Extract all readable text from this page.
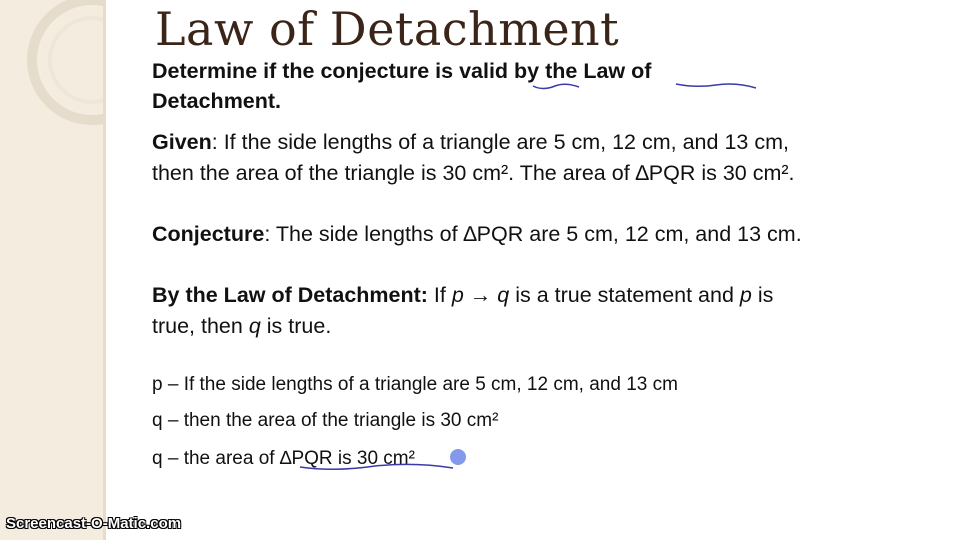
Law of Detachment
Determine if the conjecture is valid by the Law of
Detachment.
Given: If the side lengths of a triangle are 5 cm, 12 cm, and 13 cm,
then the area of the triangle is 30 cm². The area of ∆PQR is 30 cm².
Conjecture: The side lengths of ∆PQR are 5 cm, 12 cm, and 13 cm.
By the Law of Detachment: If p → q is a true statement and p is
true, then q is true.
p – If the side lengths of a triangle are 5 cm, 12 cm, and 13 cm
q – then the area of the triangle is 30 cm²
q – the area of ∆PQR is 30 cm²
Screencast-O-Matic.com
